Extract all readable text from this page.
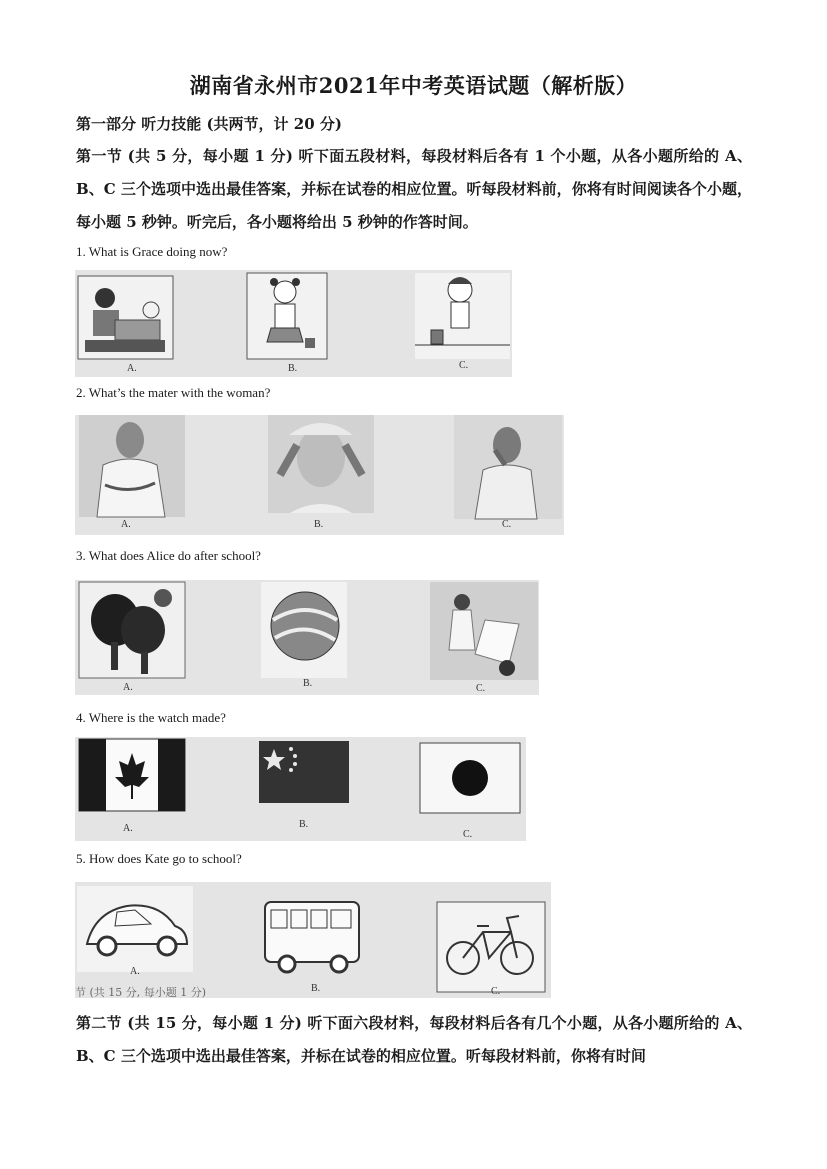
湖南省永州市2021年中考英语试题（解析版）
第一部分 听力技能 (共两节，计 20 分)
第一节 (共 5 分，每小题 1 分) 听下面五段材料，每段材料后各有 1 个小题，从各小题所给的 A、B、C 三个选项中选出最佳答案，并标在试卷的相应位置。听每段材料前，你将有时间阅读各个小题，每小题 5 秒钟。听完后，各小题将给出 5 秒钟的作答时间。
1. What is Grace doing now?
A.	B.	C.
2. What’s the mater with the woman?
A.	B.	C.
3. What does Alice do after school?
A.	B.	C.
4. Where is the watch made?
A.	B.
C.
5. How does Kate go to school?
A.
B.	C.
节 (共 15 分, 每小题 1 分)
第二节 (共 15 分，每小题 1 分) 听下面六段材料，每段材料后各有几个小题，从各小题所给的 A、B、C 三个选项中选出最佳答案，并标在试卷的相应位置。听每段材料前，你将有时间
